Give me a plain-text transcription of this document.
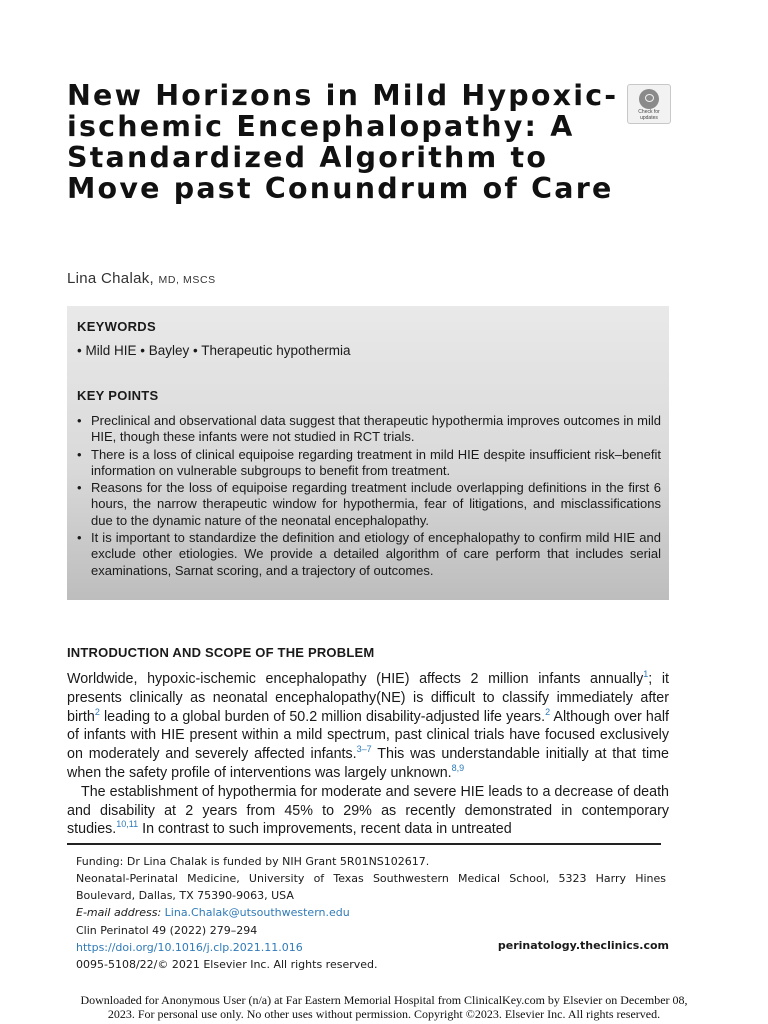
New Horizons in Mild Hypoxic-ischemic Encephalopathy: A Standardized Algorithm to Move past Conundrum of Care
Check for
updates
Lina Chalak, MD, MSCS
KEYWORDS
• Mild HIE • Bayley • Therapeutic hypothermia
KEY POINTS
• Preclinical and observational data suggest that therapeutic hypothermia improves outcomes in mild HIE, though these infants were not studied in RCT trials.
• There is a loss of clinical equipoise regarding treatment in mild HIE despite insufficient risk–benefit information on vulnerable subgroups to benefit from treatment.
• Reasons for the loss of equipoise regarding treatment include overlapping definitions in the first 6 hours, the narrow therapeutic window for hypothermia, fear of litigations, and misclassifications due to the dynamic nature of the neonatal encephalopathy.
• It is important to standardize the definition and etiology of encephalopathy to confirm mild HIE and exclude other etiologies. We provide a detailed algorithm of care perform that includes serial examinations, Sarnat scoring, and a trajectory of outcomes.
INTRODUCTION AND SCOPE OF THE PROBLEM

Worldwide, hypoxic-ischemic encephalopathy (HIE) affects 2 million infants annually$^1$; it presents clinically as neonatal encephalopathy(NE) is difficult to classify immediately after birth$^2$ leading to a global burden of 50.2 million disability-adjusted life years.$^2$ Although over half of infants with HIE present within a mild spectrum, past clinical trials have focused exclusively on moderately and severely affected infants.$^{3-7}$ This was understandable initially at that time when the safety profile of interventions was largely unknown.$^{8,9}$

The establishment of hypothermia for moderate and severe HIE leads to a decrease of death and disability at 2 years from 45% to 29% as recently demonstrated in contemporary studies.$^{10,11}$ In contrast to such improvements, recent data in untreated

Funding: Dr Lina Chalak is funded by NIH Grant 5R01NS102617.
Neonatal-Perinatal Medicine, University of Texas Southwestern Medical School, 5323 Harry Hines Boulevard, Dallas, TX 75390-9063, USA
E-mail address: Lina.Chalak@utsouthwestern.edu
Clin Perinatol 49 (2022) 279–294
https://doi.org/10.1016/j.clp.2021.11.016
0095-5108/22/© 2021 Elsevier Inc. All rights reserved.
perinatology.theclinics.com
Downloaded for Anonymous User (n/a) at Far Eastern Memorial Hospital from ClinicalKey.com by Elsevier on December 08,
2023. For personal use only. No other uses without permission. Copyright ©2023. Elsevier Inc. All rights reserved.
